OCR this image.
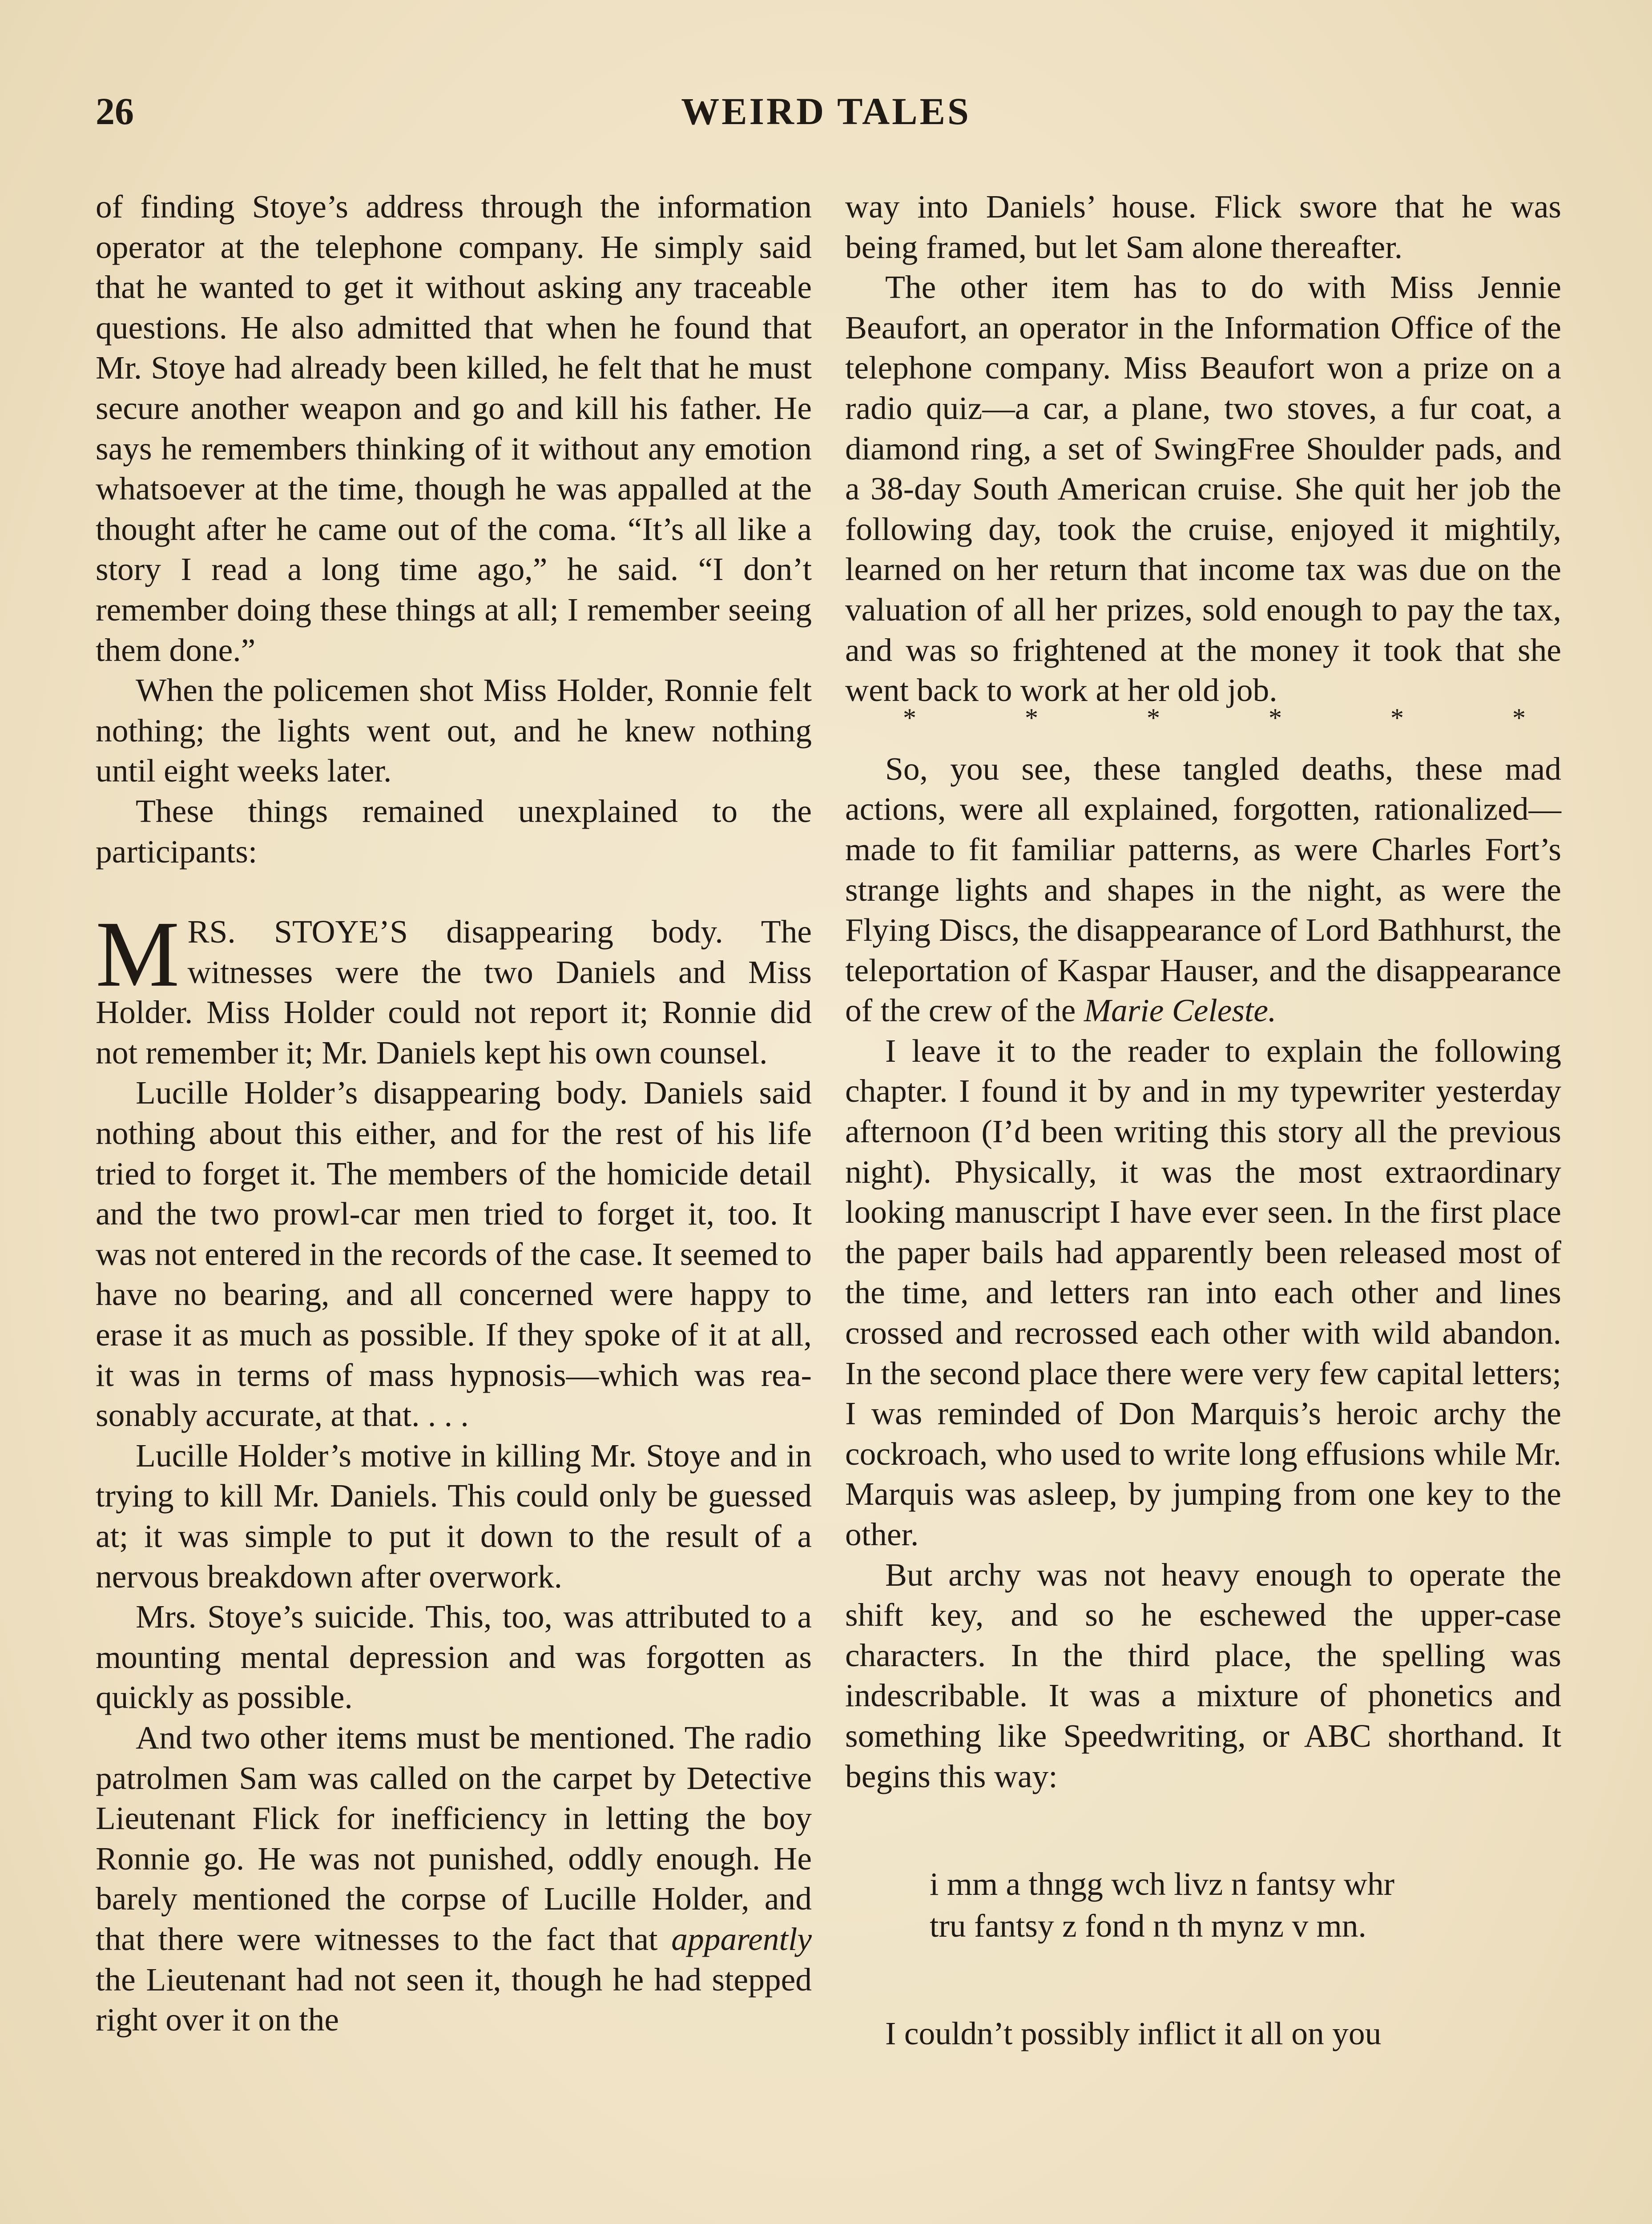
26	WEIRD TALES

of finding Stoye’s address through the information operator at the telephone company. He simply said that he wanted to get it without asking any traceable questions. He also admitted that when he found that Mr. Stoye had already been killed, he felt that he must secure another weapon and go and kill his father. He says he remembers thinking of it without any emotion whatsoever at the time, though he was appalled at the thought after he came out of the coma. “It’s all like a story I read a long time ago,” he said. “I don’t remember doing these things at all; I remember seeing them done.”

When the policemen shot Miss Holder, Ronnie felt nothing; the lights went out, and he knew nothing until eight weeks later.

These things remained unexplained to the participants:

MRS. STOYE’S disappearing body. The witnesses were the two Daniels and Miss Holder. Miss Holder could not report it; Ronnie did not remember it; Mr. Daniels kept his own counsel.

Lucille Holder’s disappearing body. Daniels said nothing about this either, and for the rest of his life tried to forget it. The members of the homicide detail and the two prowl-car men tried to forget it, too. It was not entered in the records of the case. It seemed to have no bearing, and all concerned were happy to erase it as much as possible. If they spoke of it at all, it was in terms of mass hypnosis—which was reasonably accurate, at that. . . .

Lucille Holder’s motive in killing Mr. Stoye and in trying to kill Mr. Daniels. This could only be guessed at; it was simple to put it down to the result of a nervous breakdown after overwork.

Mrs. Stoye’s suicide. This, too, was attributed to a mounting mental depression and was forgotten as quickly as possible.

And two other items must be mentioned. The radio patrolmen Sam was called on the carpet by Detective Lieutenant Flick for inefficiency in letting the boy Ronnie go. He was not punished, oddly enough. He barely mentioned the corpse of Lucille Holder, and that there were witnesses to the fact that apparently the Lieutenant had not seen it, though he had stepped right over it on the

way into Daniels’ house. Flick swore that he was being framed, but let Sam alone thereafter.

The other item has to do with Miss Jennie Beaufort, an operator in the Information Office of the telephone company. Miss Beaufort won a prize on a radio quiz—a car, a plane, two stoves, a fur coat, a diamond ring, a set of SwingFree Shoulder pads, and a 38-day South American cruise. She quit her job the following day, took the cruise, enjoyed it mightily, learned on her return that income tax was due on the valuation of all her prizes, sold enough to pay the tax, and was so frightened at the money it took that she went back to work at her old job.

*	*	*	*	*	*

So, you see, these tangled deaths, these mad actions, were all explained, forgotten, rationalized—made to fit familiar patterns, as were Charles Fort’s strange lights and shapes in the night, as were the Flying Discs, the disappearance of Lord Bathhurst, the teleportation of Kaspar Hauser, and the disappearance of the crew of the Marie Celeste.

I leave it to the reader to explain the following chapter. I found it by and in my typewriter yesterday afternoon (I’d been writing this story all the previous night). Physically, it was the most extraordinary looking manuscript I have ever seen. In the first place the paper bails had apparently been released most of the time, and letters ran into each other and lines crossed and recrossed each other with wild abandon. In the second place there were very few capital letters; I was reminded of Don Marquis’s heroic archy the cockroach, who used to write long effusions while Mr. Marquis was asleep, by jumping from one key to the other.

But archy was not heavy enough to operate the shift key, and so he eschewed the upper-case characters. In the third place, the spelling was indescribable. It was a mixture of phonetics and something like Speedwriting, or ABC shorthand. It begins this way:

i mm a thngg wch livz n fantsy whr
tru fantsy z fond n th mynz v mn.

I couldn’t possibly inflict it all on you
